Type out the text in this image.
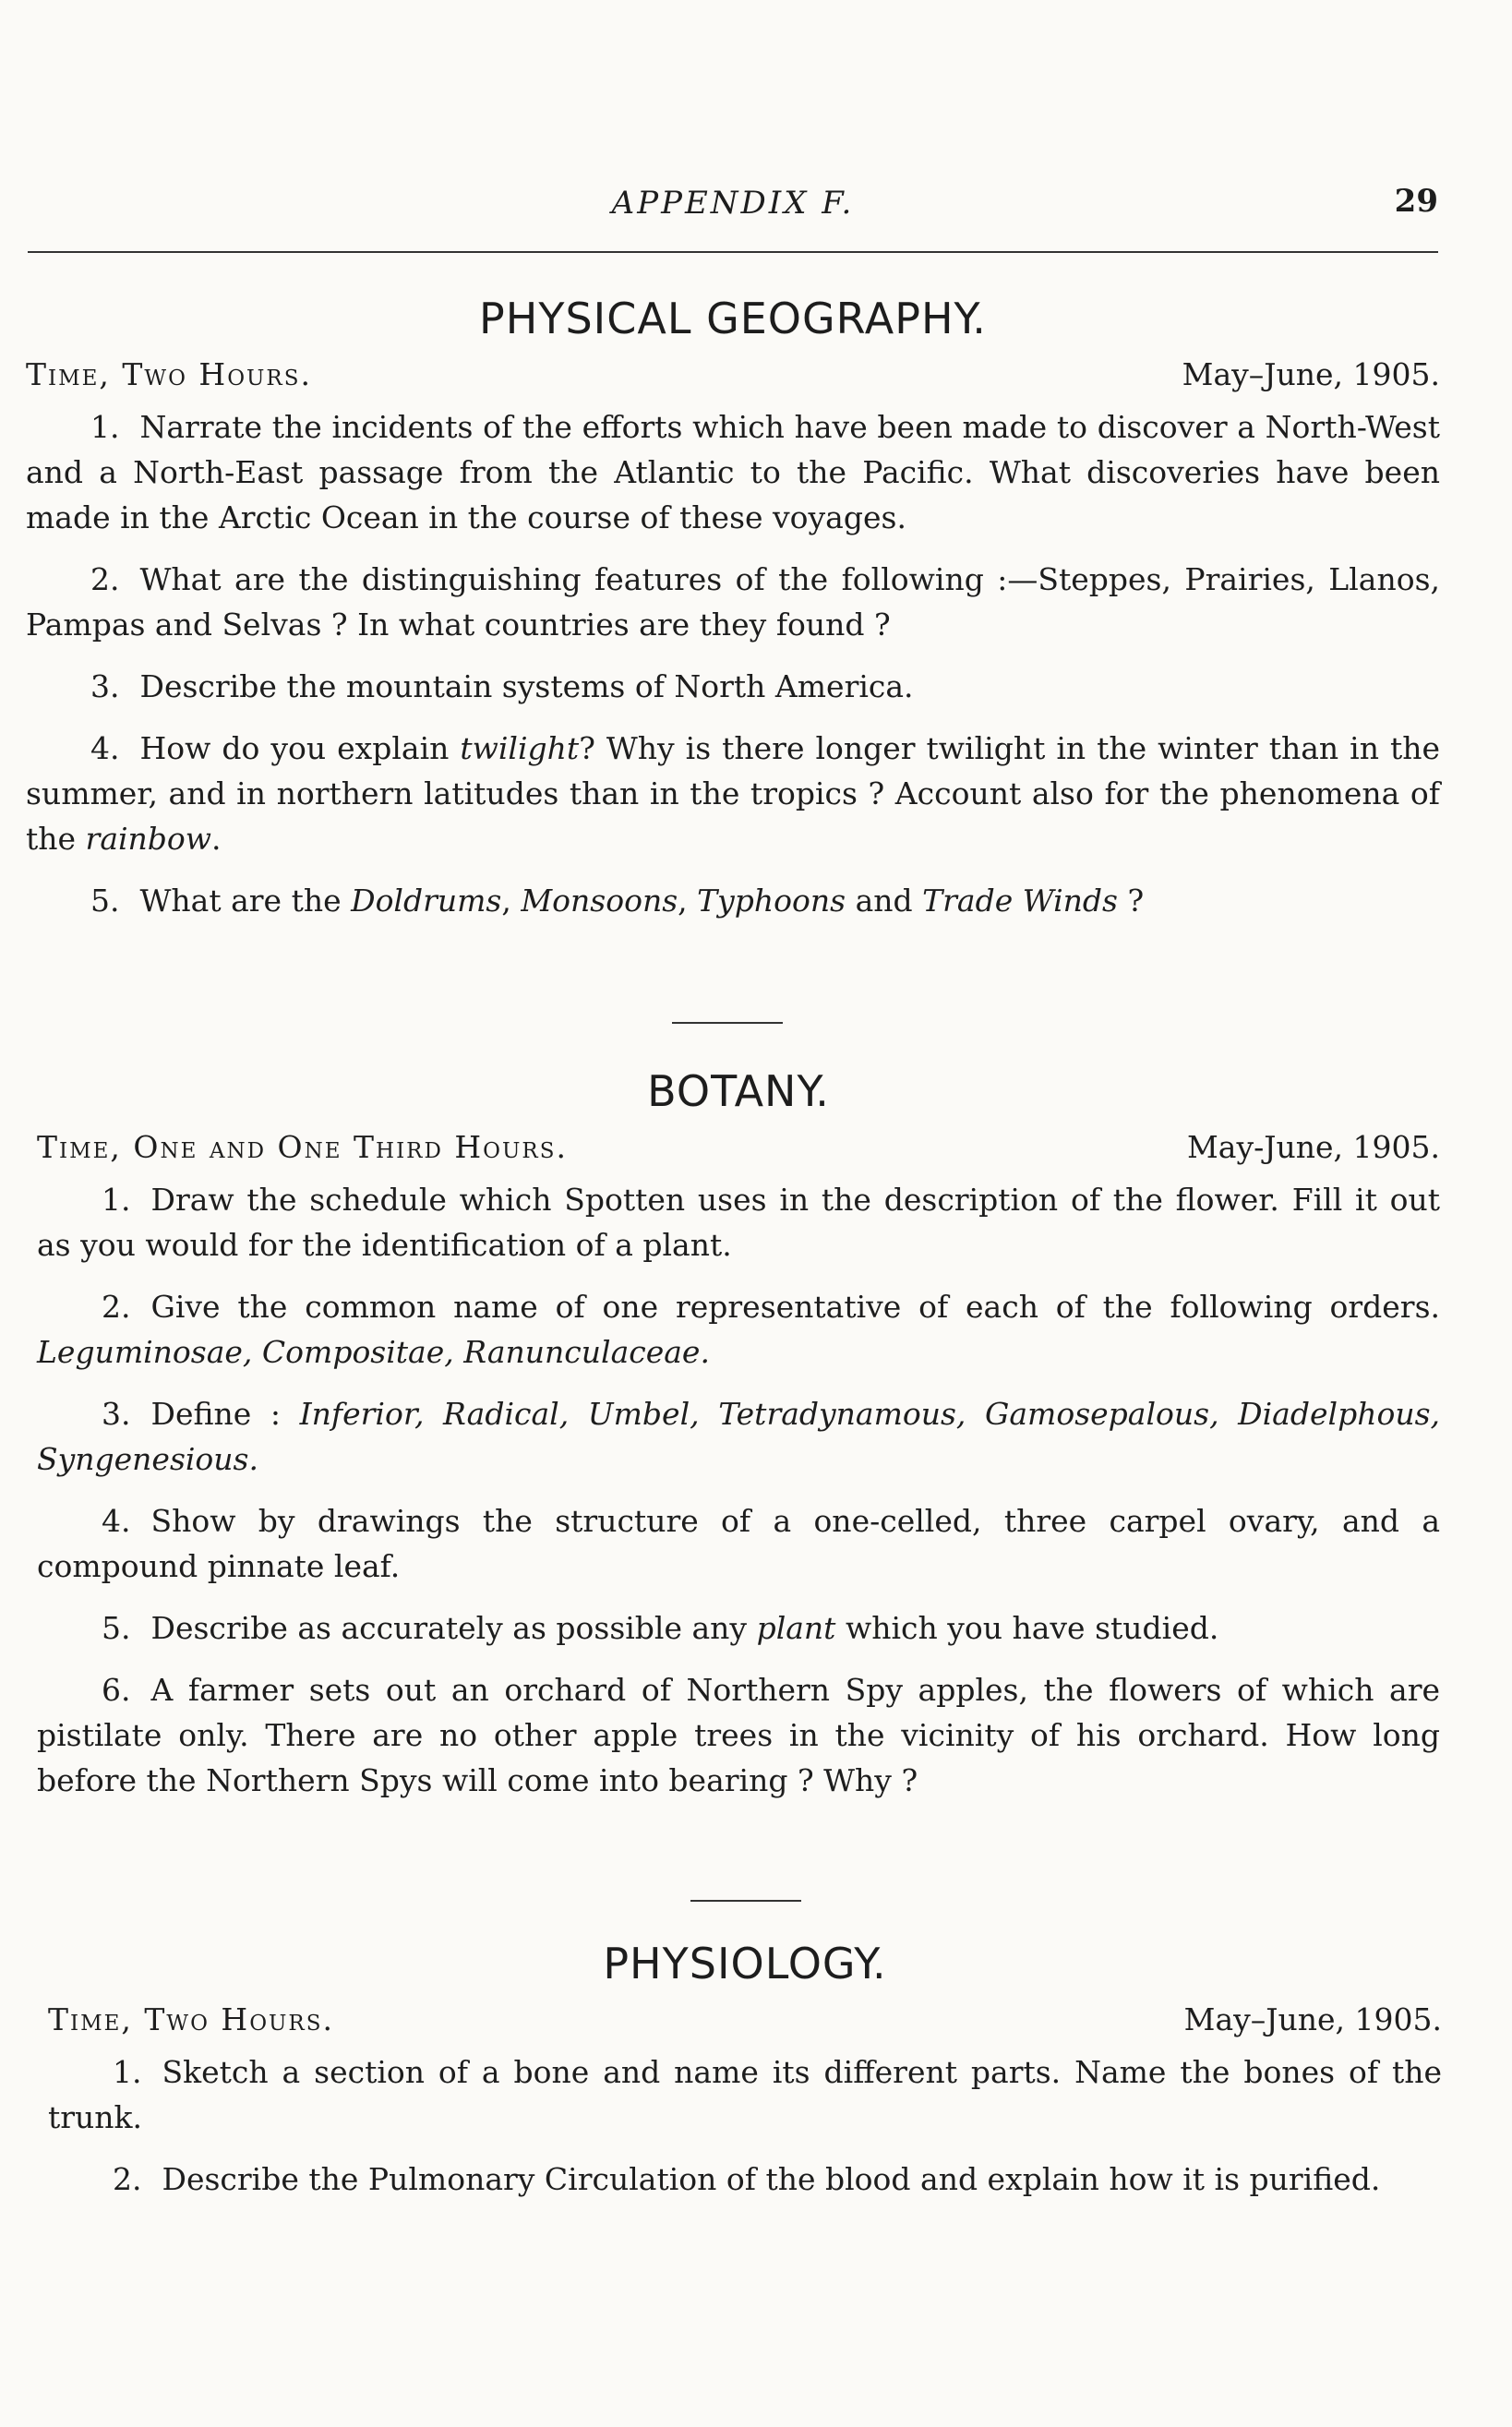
APPENDIX F.	29
PHYSICAL GEOGRAPHY.
Time, Two Hours.	May–June, 1905.

1. Narrate the incidents of the efforts which have been made to discover a North-West and a North-East passage from the Atlantic to the Pacific. What discoveries have been made in the Arctic Ocean in the course of these voyages.

2. What are the distinguishing features of the following :—Steppes, Prairies, Llanos, Pampas and Selvas ? In what countries are they found ?

3. Describe the mountain systems of North America.

4. How do you explain twilight? Why is there longer twilight in the winter than in the summer, and in northern latitudes than in the tropics ? Account also for the phenomena of the rainbow.

5. What are the Doldrums, Monsoons, Typhoons and Trade Winds ?

BOTANY.
Time, One and One Third Hours.	May-June, 1905.

1. Draw the schedule which Spotten uses in the description of the flower. Fill it out as you would for the identification of a plant.

2. Give the common name of one representative of each of the following orders. Leguminosae, Compositae, Ranunculaceae.

3. Define : Inferior, Radical, Umbel, Tetradynamous, Gamosepalous, Diadelphous, Syngenesious.

4. Show by drawings the structure of a one-celled, three carpel ovary, and a compound pinnate leaf.

5. Describe as accurately as possible any plant which you have studied.

6. A farmer sets out an orchard of Northern Spy apples, the flowers of which are pistilate only. There are no other apple trees in the vicinity of his orchard. How long before the Northern Spys will come into bearing ? Why ?

PHYSIOLOGY.
Time, Two Hours.	May–June, 1905.

1. Sketch a section of a bone and name its different parts. Name the bones of the trunk.

2. Describe the Pulmonary Circulation of the blood and explain how it is purified.
